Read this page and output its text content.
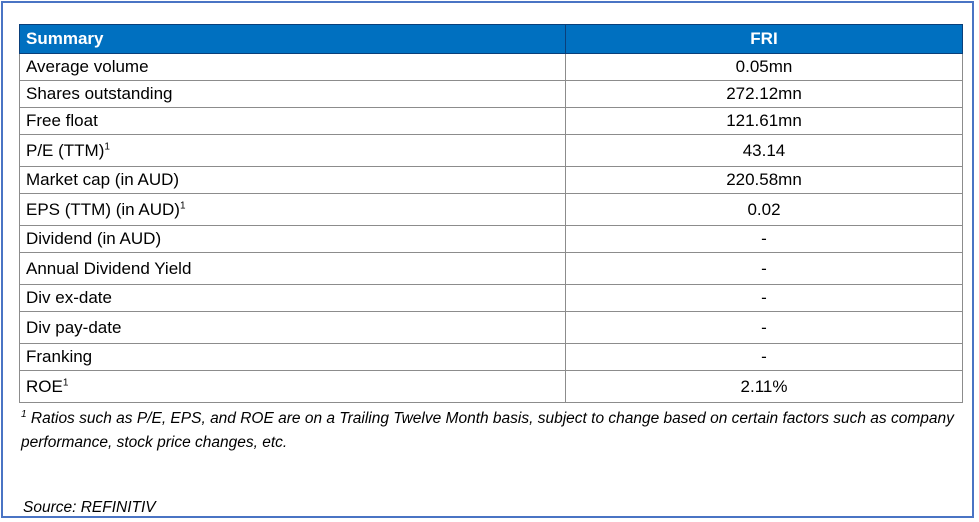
Summary	FRI
Average volume	0.05mn
Shares outstanding	272.12mn
Free float	121.61mn
P/E (TTM)$^1$	43.14
Market cap (in AUD)	220.58mn
EPS (TTM) (in AUD)$^1$	0.02
Dividend (in AUD)	-
Annual Dividend Yield	-
Div ex-date	-
Div pay-date	-
Franking	-
ROE$^1$	2.11%
$^1$ Ratios such as P/E, EPS, and ROE are on a Trailing Twelve Month basis, subject to change based on certain factors such as company performance, stock price changes, etc.
Source: REFINITIV
